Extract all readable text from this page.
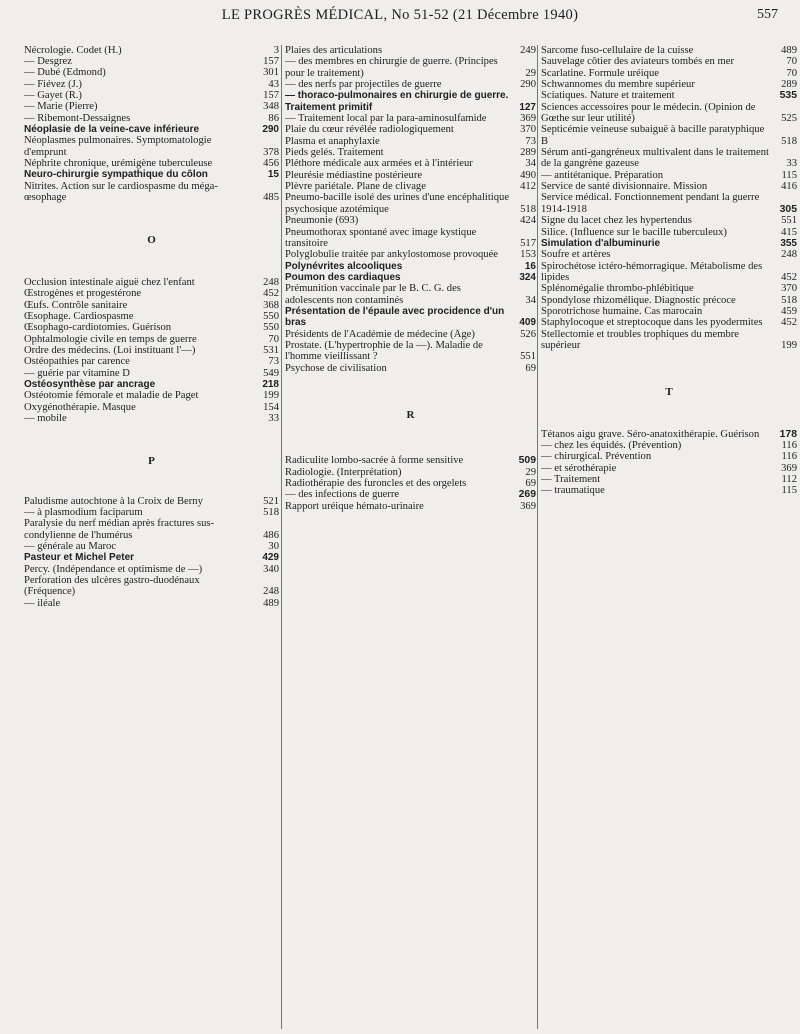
LE PROGRÈS MÉDICAL, No 51-52 (21 Décembre 1940)	557
Nécrologie. Codet (H.)	3
— Desgrez	157
— Dubé (Edmond)	301
— Fiévez (J.)	43
— Gayet (R.)	157
— Marie (Pierre)	348
— Ribemont-Dessaignes	86
Néoplasie de la veine-cave inférieure	290
Néoplasmes pulmonaires. Symptomatologie d'emprunt	378
Néphrite chronique, urémigène tuberculeuse	456
Neuro-chirurgie sympathique du côlon	15
Nitrites. Action sur le cardiospasme du méga-œsophage	485
O
Occlusion intestinale aiguë chez l'enfant	248
Œstrogènes et progestérone	452
Œufs. Contrôle sanitaire	368
Œsophage. Cardiospasme	550
Œsophago-cardiotomies. Guérison	550
Ophtalmologie civile en temps de guerre	70
Ordre des médecins. (Loi instituant l'—)	531
Ostéopathies par carence	73
— guérie par vitamine D	549
Ostéosynthèse par ancrage	218
Ostéotomie fémorale et maladie de Paget	199
Oxygénothérapie. Masque	154
— mobile	33
P
Paludisme autochtone à la Croix de Berny	521
— à plasmodium faciparum	518
Paralysie du nerf médian après fractures sus-condylienne de l'humérus	486
— générale au Maroc	30
Pasteur et Michel Peter	429
Percy. (Indépendance et optimisme de —)	340
Perforation des ulcères gastro-duodénaux (Fréquence)	248
— iléale	489
Plaies des articulations	249
— des membres en chirurgie de guerre. (Principes pour le traitement)	29
— des nerfs par projectiles de guerre	290
— thoraco-pulmonaires en chirurgie de guerre. Traitement primitif	127
— Traitement local par la para-aminosulfamide	369
Plaie du cœur révélée radiologiquement	370
Plasma et anaphylaxie	73
Pieds gelés. Traitement	289
Pléthore médicale aux armées et à l'intérieur	34
Pleurésie médiastine postérieure	490
Plèvre pariétale. Plane de clivage	412
Pneumo-bacille isolé des urines d'une encéphalitique psychosique azotémique	518
Pneumonie (693)	424
Pneumothorax spontané avec image kystique transitoire	517
Polyglobulie traitée par ankylostomose provoquée	153
Polynévrites alcooliques	16
Poumon des cardiaques	324
Prémunition vaccinale par le B. C. G. des adolescents non contaminés	34
Présentation de l'épaule avec procidence d'un bras	409
Présidents de l'Académie de médecine (Âge)	526
Prostate. (L'hypertrophie de la —). Maladie de l'homme vieillissant ?	551
Psychose de civilisation	69
R
Radiculite lombo-sacrée à forme sensitive	509
Radiologie. (Interprétation)	29
Radiothérapie des furoncles et des orgelets	69
— des infections de guerre	269
Rapport uréique hémato-urinaire	369
Sarcome fuso-cellulaire de la cuisse	489
Sauvelage côtier des aviateurs tombés en mer	70
Scarlatine. Formule uréique	70
Schwannomes du membre supérieur	289
Sciatiques. Nature et traitement	535
Sciences accessoires pour le médecin. (Opinion de Gœthe sur leur utilité)	525
Septicémie veineuse subaiguë à bacille paratyphique B	518
Sérum anti-gangréneux multivalent dans le traitement de la gangrène gazeuse	33
— antitétanique. Préparation	115
Service de santé divisionnaire. Mission	416
Service médical. Fonctionnement pendant la guerre 1914-1918	305
Signe du lacet chez les hypertendus	551
Silice. (Influence sur le bacille tuberculeux)	415
Simulation d'albuminurie	355
Soufre et artères	248
Spirochétose ictéro-hémorragique. Métabolisme des lipides	452
Splénomégalie thrombo-phlébitique	370
Spondylose rhizomélique. Diagnostic précoce	518
Sporotrichose humaine. Cas marocain	459
Staphylocoque et streptocoque dans les pyodermites	452
Stellectomie et troubles trophiques du membre supérieur	199
T
Tétanos aigu grave. Séro-anatoxithérapie. Guérison	178
— chez les équidés. (Prévention)	116
— chirurgical. Prévention	116
— et sérothérapie	369
— Traitement	112
— traumatique	115
